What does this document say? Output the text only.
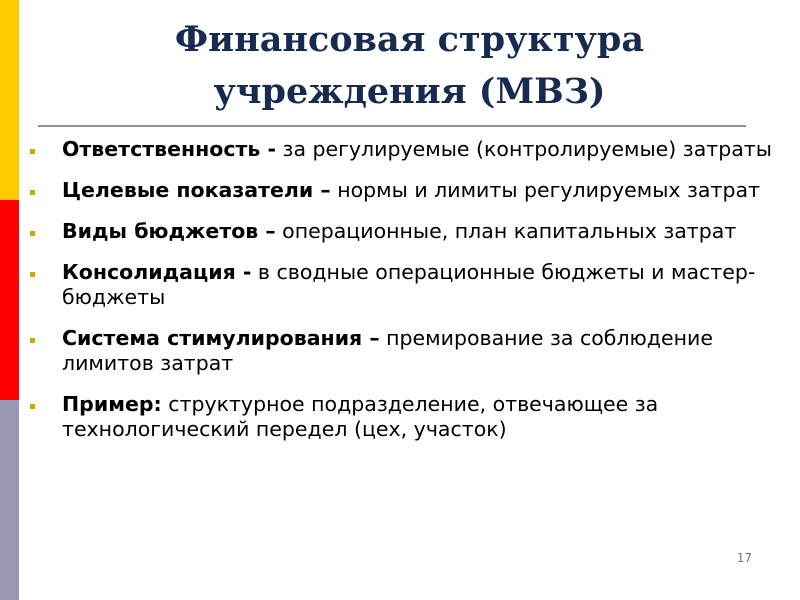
Финансовая структура
учреждения (МВЗ)
Ответственность - за регулируемые (контролируемые) затраты
Целевые показатели – нормы и лимиты регулируемых затрат
Виды бюджетов – операционные, план капитальных затрат
Консолидация - в сводные операционные бюджеты и мастер-бюджеты
Система стимулирования – премирование за соблюдение лимитов затрат
Пример: структурное подразделение, отвечающее за технологический передел (цех, участок)
17
